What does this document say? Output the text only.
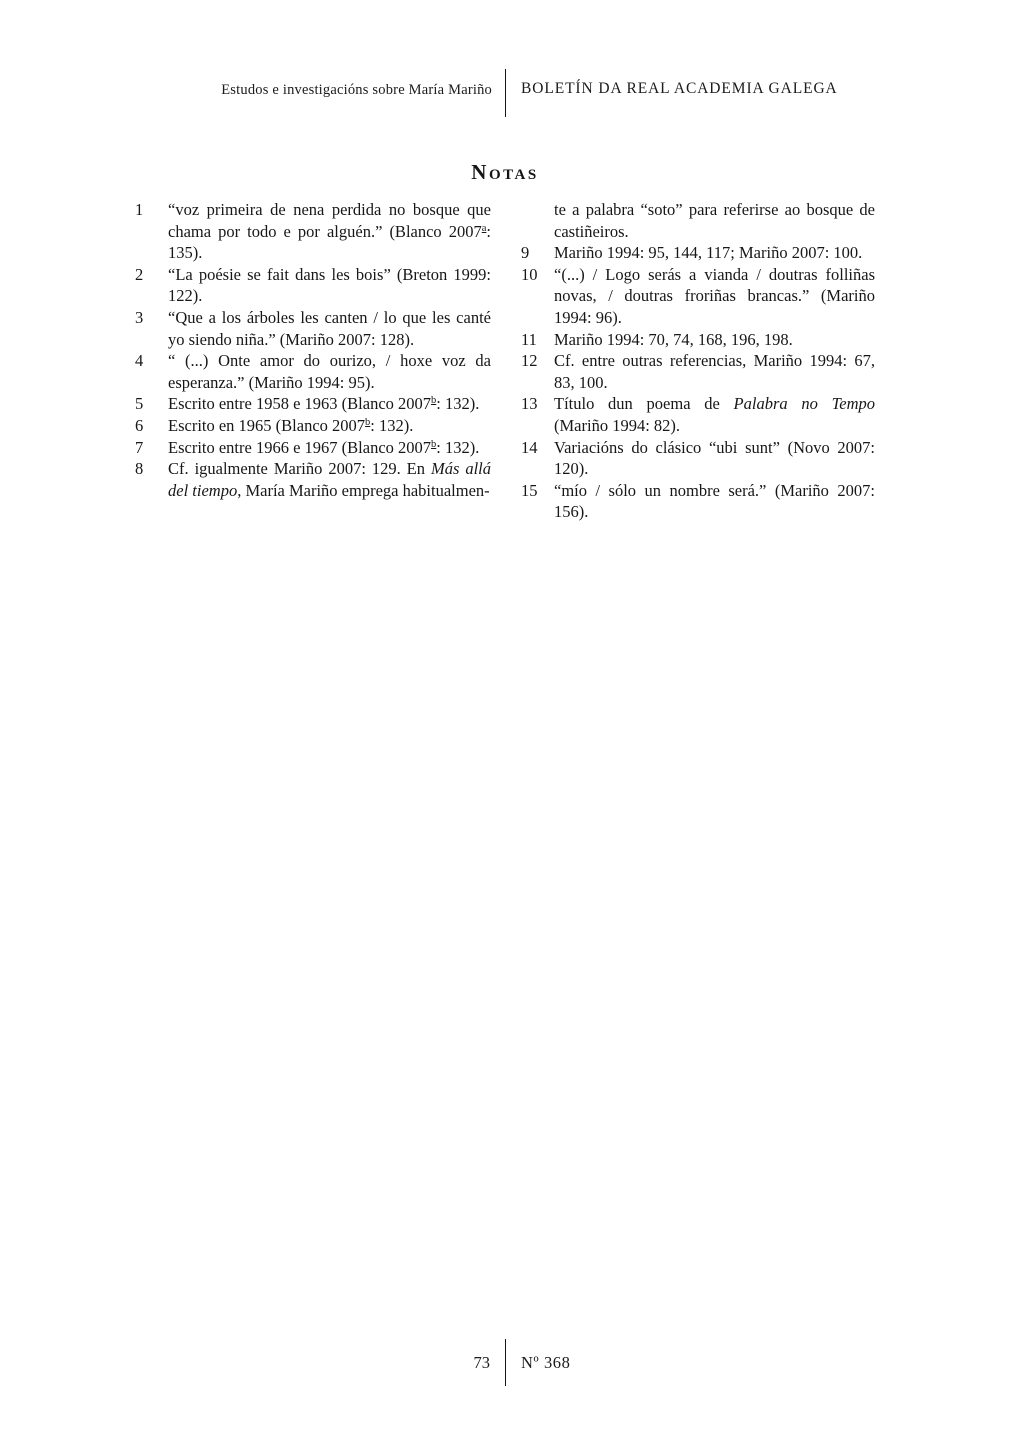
Estudos e investigacións sobre María Mariño BOLETÍN DA REAL ACADEMIA GALEGA
NOTAS
1 “voz primeira de nena perdida no bosque que chama por todo e por alguén.” (Blanco 2007$^a$: 135).
2 “La poésie se fait dans les bois” (Breton 1999: 122).
3 “Que a los árboles les canten / lo que les canté yo siendo niña.” (Mariño 2007: 128).
4 “ (...) Onte amor do ourizo, / hoxe voz da esperanza.” (Mariño 1994: 95).
5 Escrito entre 1958 e 1963 (Blanco 2007$^b$: 132).
6 Escrito en 1965 (Blanco 2007$^b$: 132).
7 Escrito entre 1966 e 1967 (Blanco 2007$^b$: 132).
8 Cf. igualmente Mariño 2007: 129. En Más allá del tiempo, María Mariño emprega habitualmen-
te a palabra “soto” para referirse ao bosque de castiñeiros.
9 Mariño 1994: 95, 144, 117; Mariño 2007: 100.
10 “(...) / Logo serás a vianda / doutras folliñas novas, / doutras froriñas brancas.” (Mariño 1994: 96).
11 Mariño 1994: 70, 74, 168, 196, 198.
12 Cf. entre outras referencias, Mariño 1994: 67, 83, 100.
13 Título dun poema de Palabra no Tempo (Mariño 1994: 82).
14 Variacións do clásico “ubi sunt” (Novo 2007: 120).
15 “mío / sólo un nombre será.” (Mariño 2007: 156).
73 Nº 368
